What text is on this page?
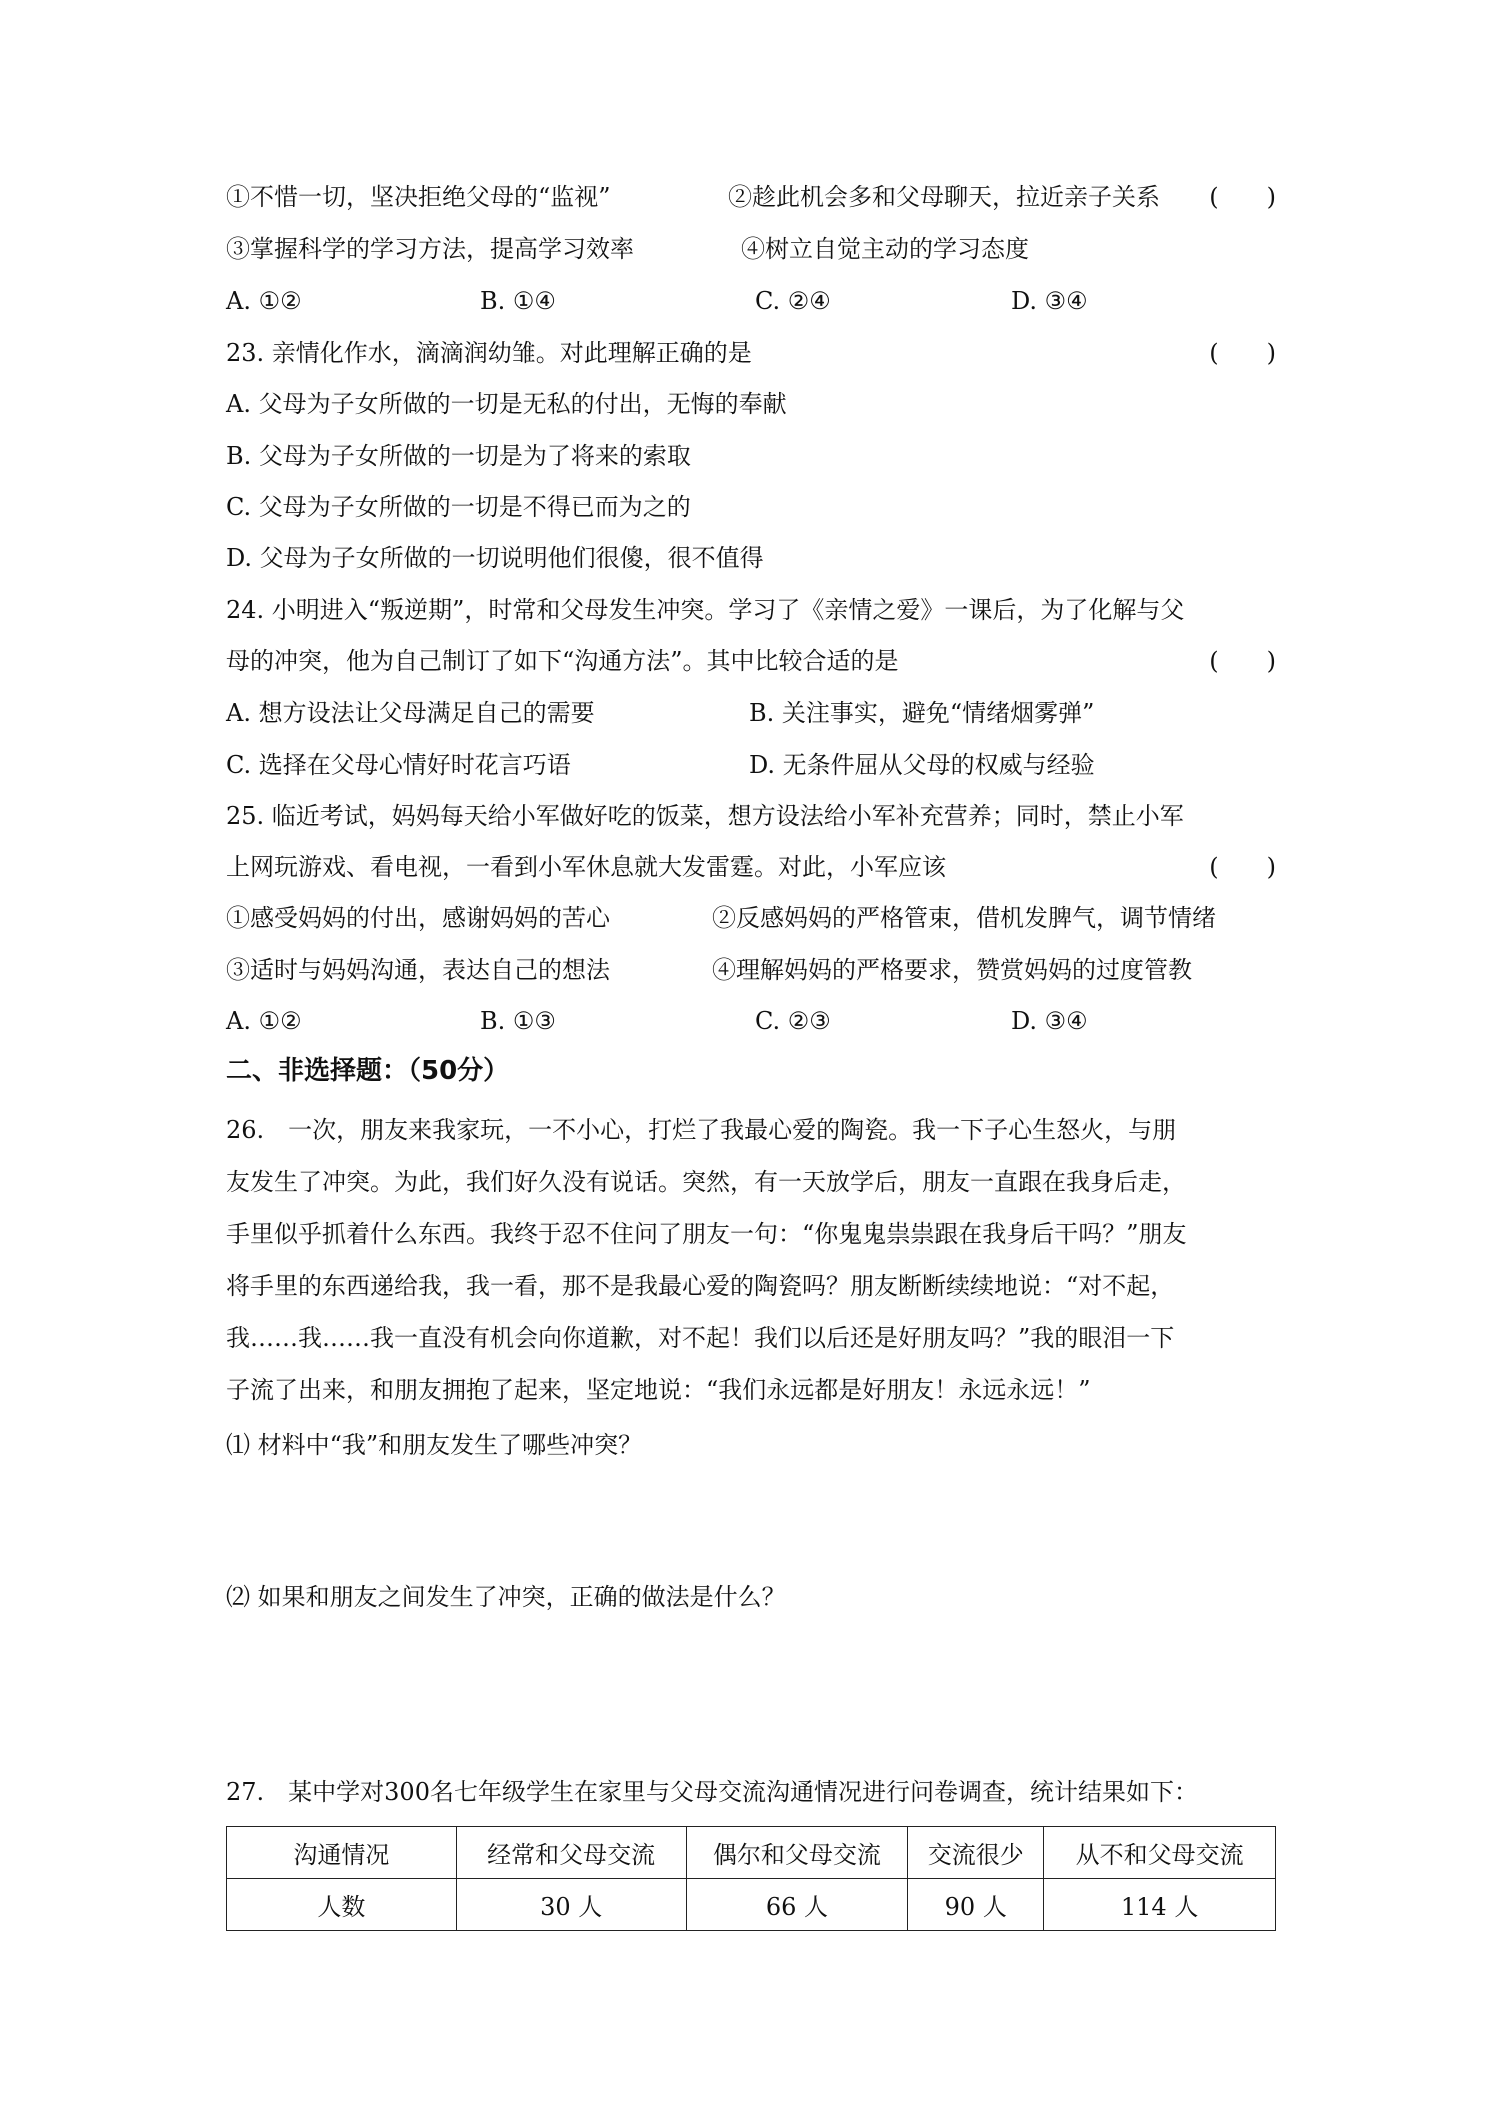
①不惜一切，坚决拒绝父母的“监视”	②趁此机会多和父母聊天，拉近亲子关系 (　　)
③掌握科学的学习方法，提高学习效率	④树立自觉主动的学习态度
A. ①②	B. ①④	C. ②④	D. ③④
23. 亲情化作水，滴滴润幼雏。对此理解正确的是	(　　)
A. 父母为子女所做的一切是无私的付出，无悔的奉献
B. 父母为子女所做的一切是为了将来的索取
C. 父母为子女所做的一切是不得已而为之的
D. 父母为子女所做的一切说明他们很傻，很不值得
24. 小明进入“叛逆期”，时常和父母发生冲突。学习了《亲情之爱》一课后，为了化解与父
母的冲突，他为自己制订了如下“沟通方法”。其中比较合适的是	(　　)
A. 想方设法让父母满足自己的需要	B. 关注事实，避免“情绪烟雾弹”
C. 选择在父母心情好时花言巧语	D. 无条件屈从父母的权威与经验
25. 临近考试，妈妈每天给小军做好吃的饭菜，想方设法给小军补充营养；同时，禁止小军
上网玩游戏、看电视，一看到小军休息就大发雷霆。对此，小军应该	(　　)
①感受妈妈的付出，感谢妈妈的苦心	②反感妈妈的严格管束，借机发脾气，调节情绪
③适时与妈妈沟通，表达自己的想法	④理解妈妈的严格要求，赞赏妈妈的过度管教
A. ①②	B. ①③	C. ②③	D. ③④
二、非选择题：（50分）
26.　一次，朋友来我家玩，一不小心，打烂了我最心爱的陶瓷。我一下子心生怒火，与朋
友发生了冲突。为此，我们好久没有说话。突然，有一天放学后，朋友一直跟在我身后走，
手里似乎抓着什么东西。我终于忍不住问了朋友一句：“你鬼鬼祟祟跟在我身后干吗？”朋友
将手里的东西递给我，我一看，那不是我最心爱的陶瓷吗？朋友断断续续地说：“对不起，
我……我……我一直没有机会向你道歉，对不起！我们以后还是好朋友吗？”我的眼泪一下
子流了出来，和朋友拥抱了起来，坚定地说：“我们永远都是好朋友！永远永远！”
⑴ 材料中“我”和朋友发生了哪些冲突？
⑵ 如果和朋友之间发生了冲突，正确的做法是什么？
27.　某中学对300名七年级学生在家里与父母交流沟通情况进行问卷调查，统计结果如下：
沟通情况	经常和父母交流	偶尔和父母交流	交流很少	从不和父母交流
人数	30 人	66 人	90 人	114 人
